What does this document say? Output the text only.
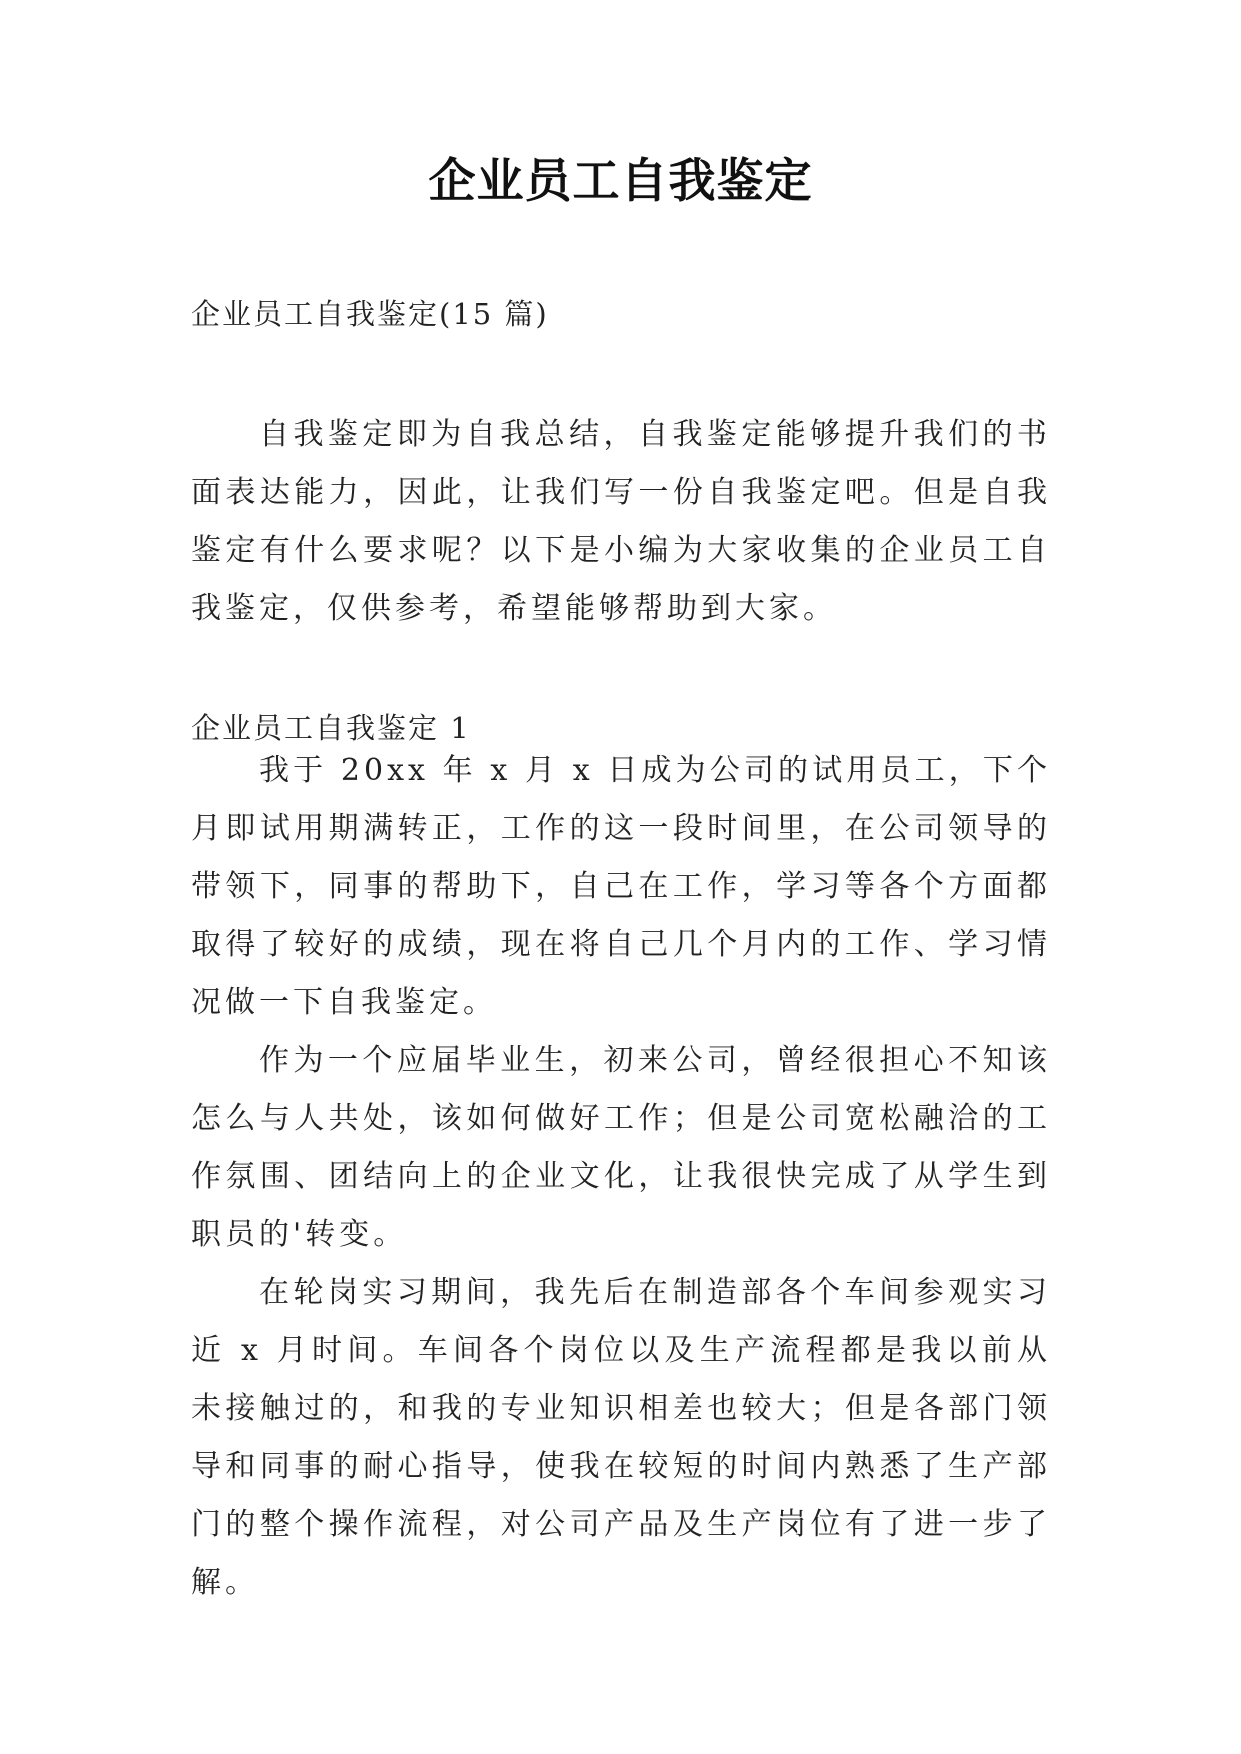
企业员工自我鉴定
企业员工自我鉴定(15 篇)

自我鉴定即为自我总结，自我鉴定能够提升我们的书面表达能力，因此，让我们写一份自我鉴定吧。但是自我鉴定有什么要求呢？以下是小编为大家收集的企业员工自我鉴定，仅供参考，希望能够帮助到大家。

企业员工自我鉴定 1

我于 20xx 年 x 月 x 日成为公司的试用员工，下个月即试用期满转正，工作的这一段时间里，在公司领导的带领下，同事的帮助下，自己在工作，学习等各个方面都取得了较好的成绩，现在将自己几个月内的工作、学习情况做一下自我鉴定。

作为一个应届毕业生，初来公司，曾经很担心不知该怎么与人共处，该如何做好工作；但是公司宽松融洽的工作氛围、团结向上的企业文化，让我很快完成了从学生到职员的'转变。

在轮岗实习期间，我先后在制造部各个车间参观实习近 x 月时间。车间各个岗位以及生产流程都是我以前从未接触过的，和我的专业知识相差也较大；但是各部门领导和同事的耐心指导，使我在较短的时间内熟悉了生产部门的整个操作流程，对公司产品及生产岗位有了进一步了解。
